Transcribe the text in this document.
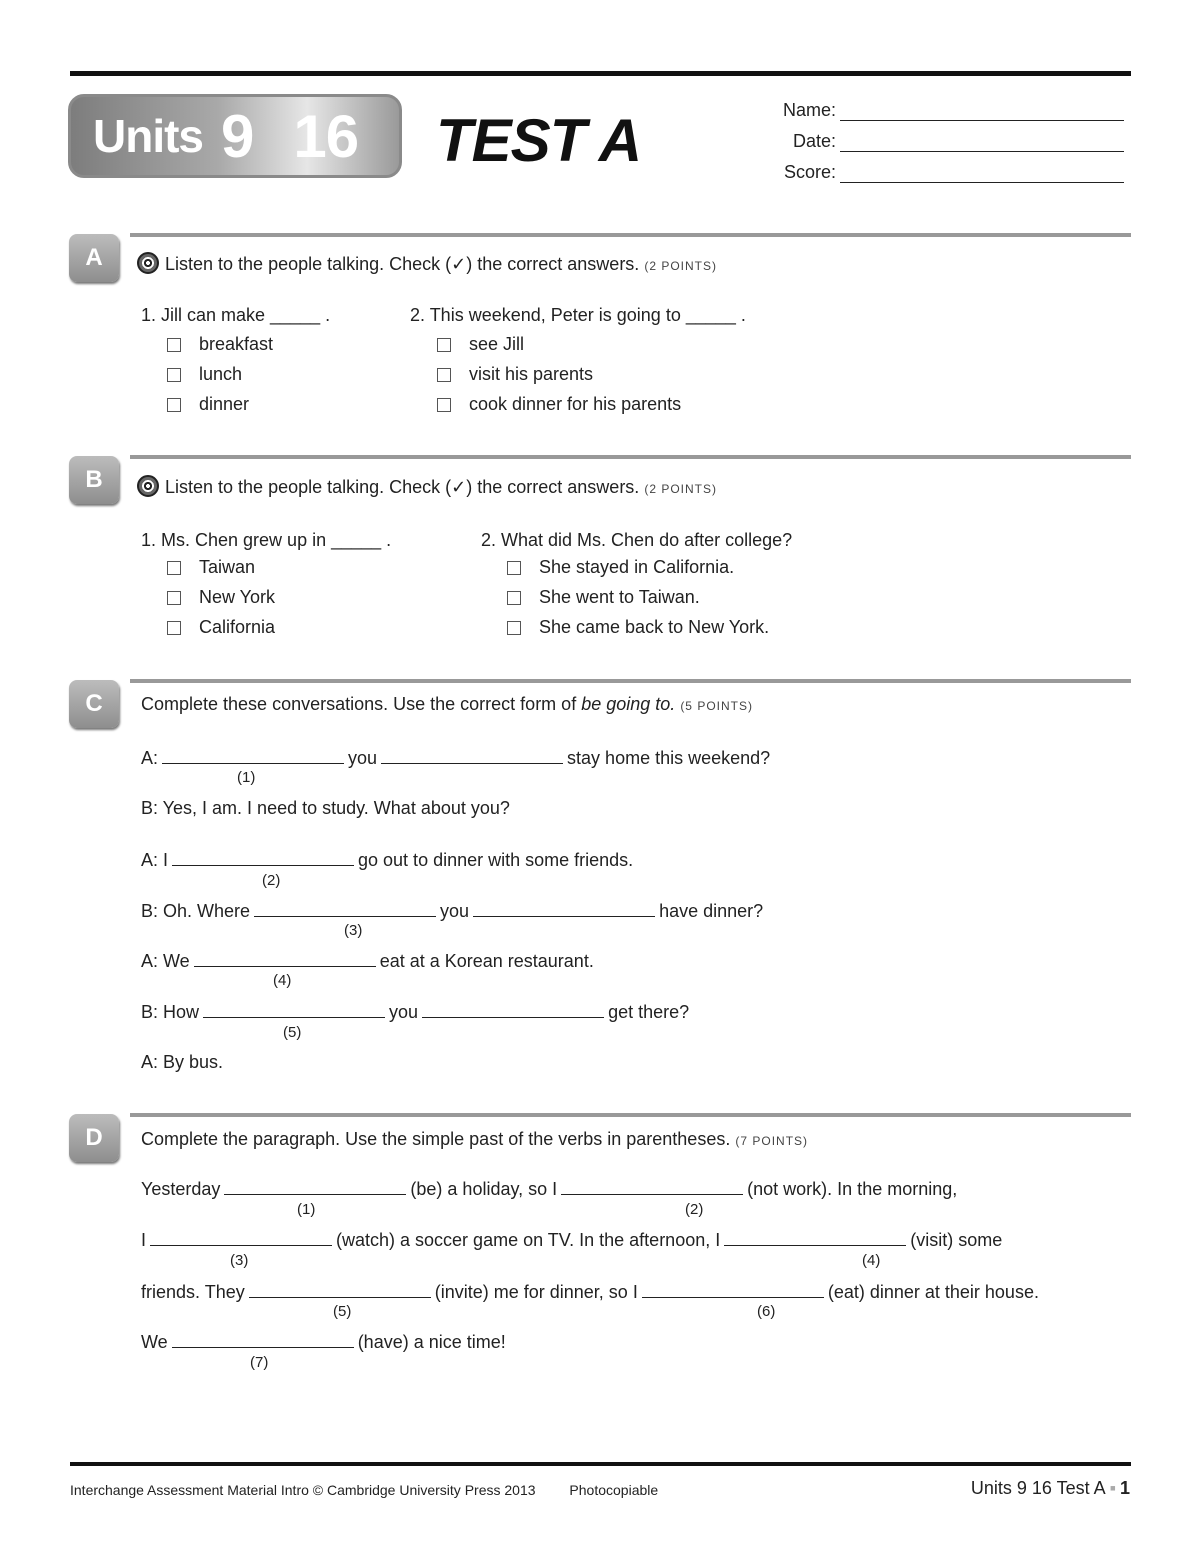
Units 9 16 TEST A	Name:
Date:
Score:
A	Listen to the people talking. Check (✓) the correct answers. (2 POINTS)
1. Jill can make _____ .
breakfast
lunch
dinner
2. This weekend, Peter is going to _____ .
see Jill
visit his parents
cook dinner for his parents
B	Listen to the people talking. Check (✓) the correct answers. (2 POINTS)
1. Ms. Chen grew up in _____ .
Taiwan
New York
California
2. What did Ms. Chen do after college?
She stayed in California.
She went to Taiwan.
She came back to New York.
C	Complete these conversations. Use the correct form of be going to. (5 POINTS)
A:	you	stay home this weekend?
(1)
B: Yes, I am. I need to study. What about you?
A: I	go out to dinner with some friends.
(2)
B: Oh. Where	you	have dinner?
(3)
A: We	eat at a Korean restaurant.
(4)
B: How	you	get there?
(5)
A: By bus.
D	Complete the paragraph. Use the simple past of the verbs in parentheses. (7 POINTS)
Yesterday	(be) a holiday, so I	(not work). In the morning,
(1)	(2)
I	(watch) a soccer game on TV. In the afternoon, I	(visit) some
(3)	(4)
friends. They	(invite) me for dinner, so I	(eat) dinner at their house.
(5)	(6)
We	(have) a nice time!
(7)
Interchange Assessment Material Intro © Cambridge University Press 2013 Photocopiable	Units 9 16 Test A ▪ 1
